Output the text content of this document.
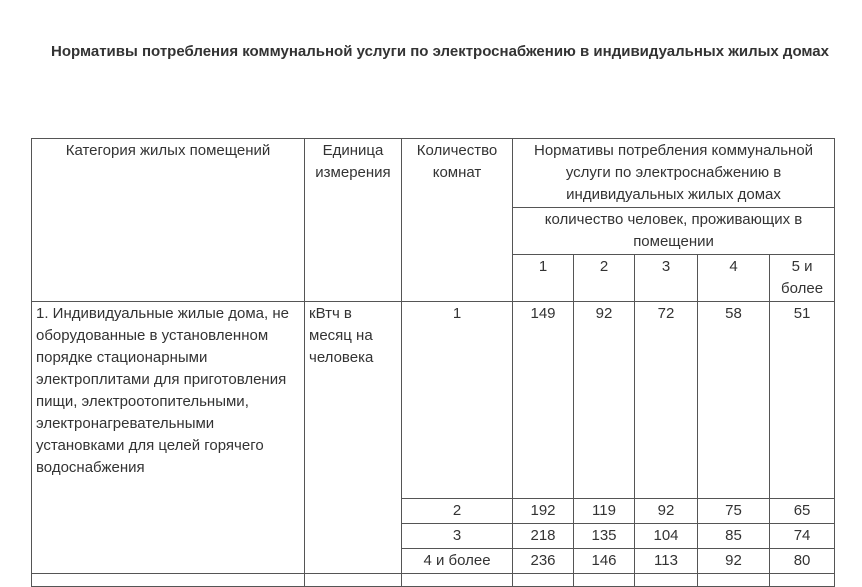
Нормативы потребления коммунальной услуги по электроснабжению в индивидуальных жилых домах
Категория жилых помещений	Единица измерения	Количество комнат	Нормативы потребления коммунальной услуги по электроснабжению в индивидуальных жилых домах				
			количество человек, проживающих в помещении				
			1	2	3	4	5 и более
1. Индивидуальные жилые дома, не оборудованные в установленном порядке стационарными электроплитами для приготовления пищи, электроотопительными, электронагревательными установками для целей горячего водоснабжения	кВтч в месяц на человека	1	149	92	72	58	51
		2	192	119	92	75	65
		3	218	135	104	85	74
		4 и более	236	146	113	92	80
